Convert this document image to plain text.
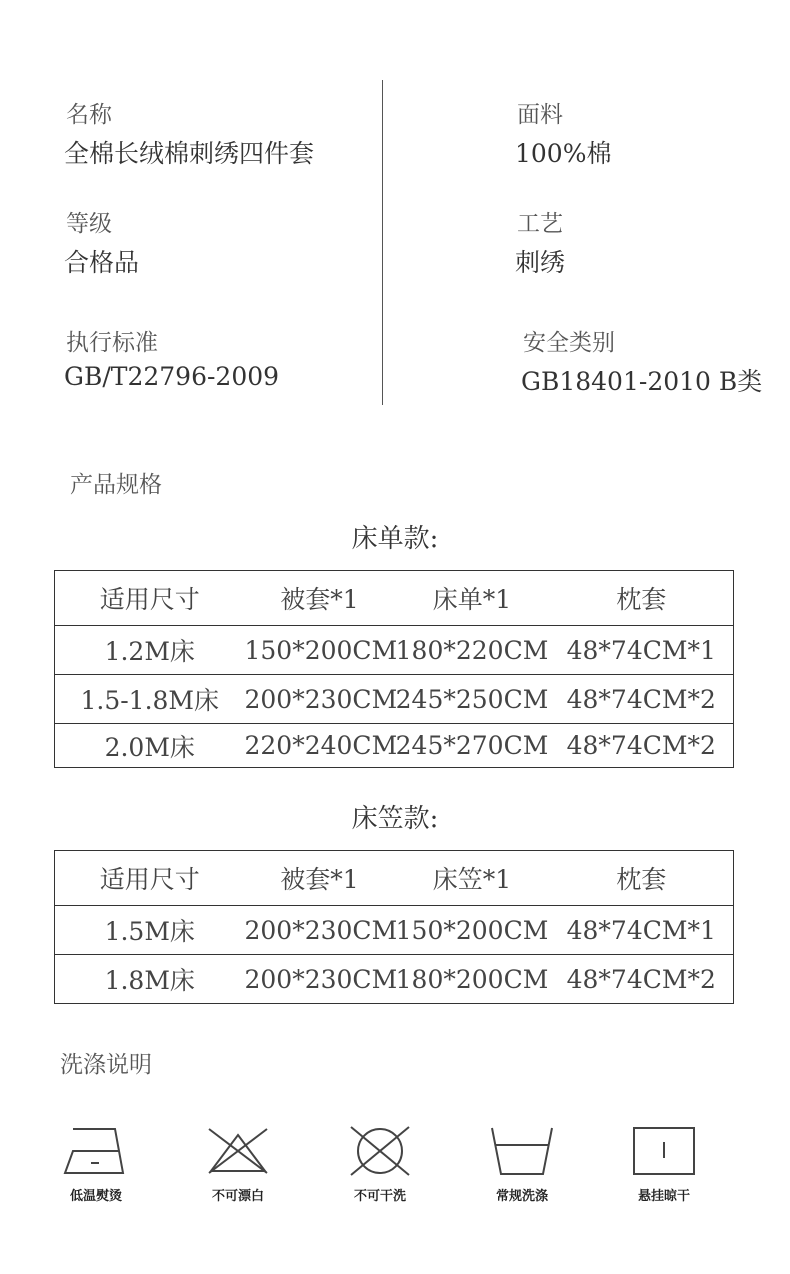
名称
全棉长绒棉刺绣四件套
面料
100%棉
等级
合格品
工艺
刺绣
执行标准
GB/T22796-2009
安全类别
GB18401-2010 B类
产品规格
床单款:
适用尺寸	被套*1	床单*1	枕套
1.2M床	150*200CM	180*220CM	48*74CM*1
1.5-1.8M床	200*230CM	245*250CM	48*74CM*2
2.0M床	220*240CM	245*270CM	48*74CM*2
床笠款:
适用尺寸	被套*1	床笠*1	枕套
1.5M床	200*230CM	150*200CM	48*74CM*1
1.8M床	200*230CM	180*200CM	48*74CM*2
洗涤说明
低温熨烫	不可漂白	不可干洗	常规洗涤	悬挂晾干
